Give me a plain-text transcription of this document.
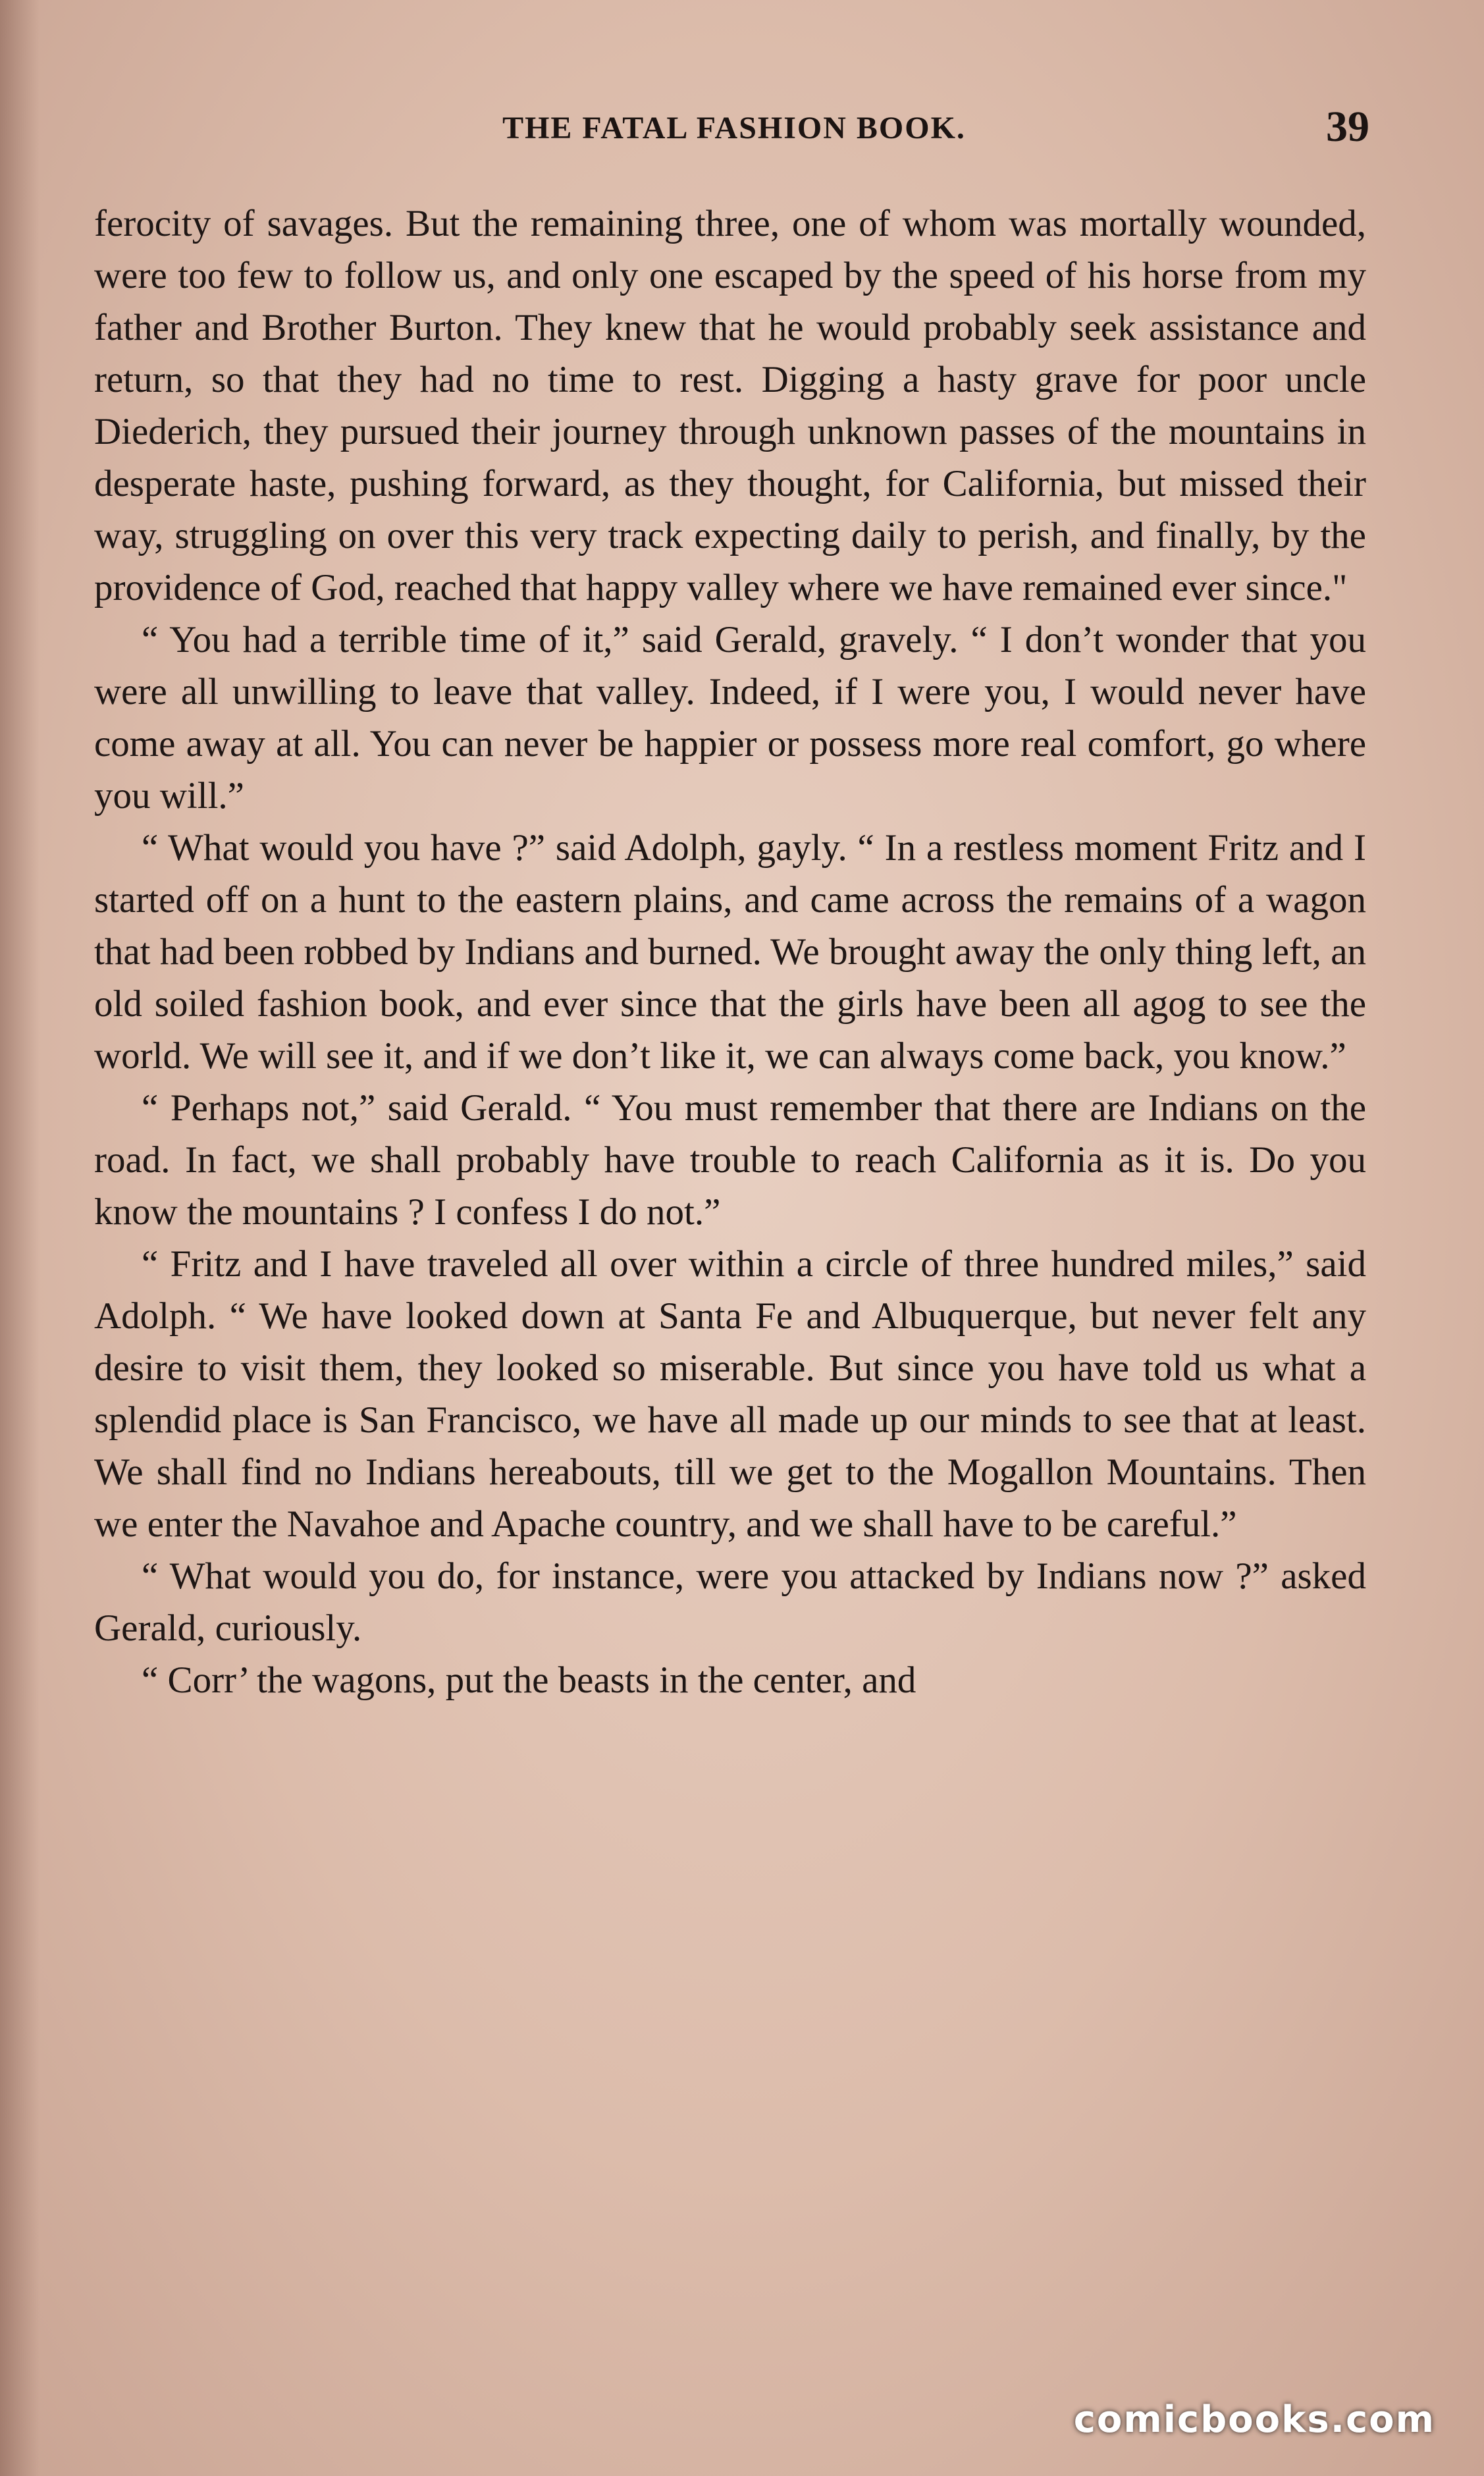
THE FATAL FASHION BOOK.	39

ferocity of savages. But the remaining three, one of whom was mortally wounded, were too few to follow us, and only one escaped by the speed of his horse from my father and Brother Burton. They knew that he would probably seek assistance and return, so that they had no time to rest. Digging a hasty grave for poor uncle Diederich, they pursued their journey through unknown passes of the mountains in desperate haste, pushing forward, as they thought, for California, but missed their way, struggling on over this very track expecting daily to perish, and finally, by the providence of God, reached that happy valley where we have remained ever since."

“ You had a terrible time of it,” said Gerald, gravely. “ I don’t wonder that you were all unwilling to leave that valley. Indeed, if I were you, I would never have come away at all. You can never be happier or possess more real comfort, go where you will.”

“ What would you have ?” said Adolph, gayly. “ In a restless moment Fritz and I started off on a hunt to the eastern plains, and came across the remains of a wagon that had been robbed by Indians and burned. We brought away the only thing left, an old soiled fashion book, and ever since that the girls have been all agog to see the world. We will see it, and if we don’t like it, we can always come back, you know.”

“ Perhaps not,” said Gerald. “ You must remember that there are Indians on the road. In fact, we shall probably have trouble to reach California as it is. Do you know the mountains ? I confess I do not.”

“ Fritz and I have traveled all over within a circle of three hundred miles,” said Adolph. “ We have looked down at Santa Fe and Albuquerque, but never felt any desire to visit them, they looked so miserable. But since you have told us what a splendid place is San Francisco, we have all made up our minds to see that at least. We shall find no Indians hereabouts, till we get to the Mogallon Mountains. Then we enter the Navahoe and Apache country, and we shall have to be careful.”

“ What would you do, for instance, were you attacked by Indians now ?” asked Gerald, curiously.

“ Corr’ the wagons, put the beasts in the center, and

comicbooks.com
